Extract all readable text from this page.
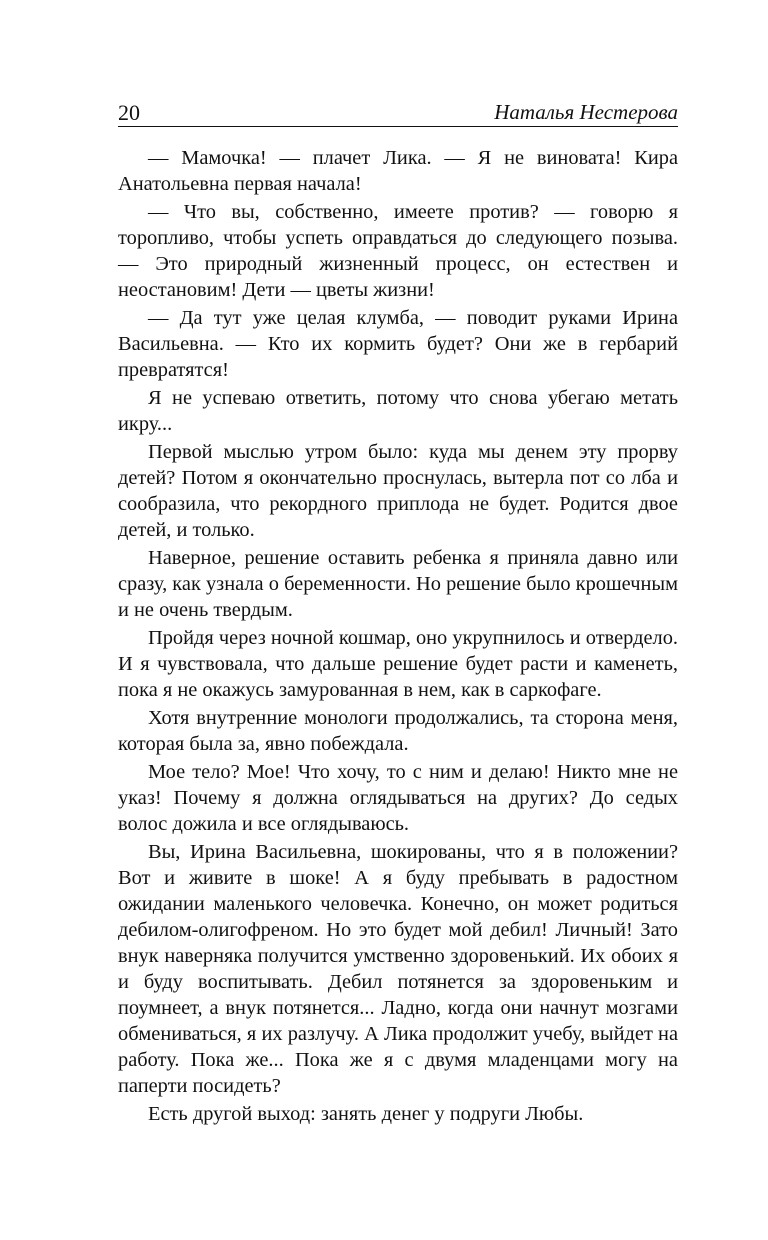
20	Наталья Нестерова

— Мамочка! — плачет Лика. — Я не виновата! Кира Анатольевна первая начала!

— Что вы, собственно, имеете против? — говорю я торопливо, чтобы успеть оправдаться до следующего позыва. — Это природный жизненный процесс, он естествен и неостановим! Дети — цветы жизни!

— Да тут уже целая клумба, — поводит руками Ирина Васильевна. — Кто их кормить будет? Они же в гербарий превратятся!

Я не успеваю ответить, потому что снова убегаю метать икру...

Первой мыслью утром было: куда мы денем эту прорву детей? Потом я окончательно проснулась, вытерла пот со лба и сообразила, что рекордного приплода не будет. Родится двое детей, и только.

Наверное, решение оставить ребенка я приняла давно или сразу, как узнала о беременности. Но решение было крошечным и не очень твердым.

Пройдя через ночной кошмар, оно укрупнилось и отвердело. И я чувствовала, что дальше решение будет расти и каменеть, пока я не окажусь замурованная в нем, как в саркофаге.

Хотя внутренние монологи продолжались, та сторона меня, которая была за, явно побеждала.

Мое тело? Мое! Что хочу, то с ним и делаю! Никто мне не указ! Почему я должна оглядываться на других? До седых волос дожила и все оглядываюсь.

Вы, Ирина Васильевна, шокированы, что я в положении? Вот и живите в шоке! А я буду пребывать в радостном ожидании маленького человечка. Конечно, он может родиться дебилом-олигофреном. Но это будет мой дебил! Личный! Зато внук наверняка получится умственно здоровенький. Их обоих я и буду воспитывать. Дебил потянется за здоровеньким и поумнеет, а внук потянется... Ладно, когда они начнут мозгами обмениваться, я их разлучу. А Лика продолжит учебу, выйдет на работу. Пока же... Пока же я с двумя младенцами могу на паперти посидеть?

Есть другой выход: занять денег у подруги Любы.
